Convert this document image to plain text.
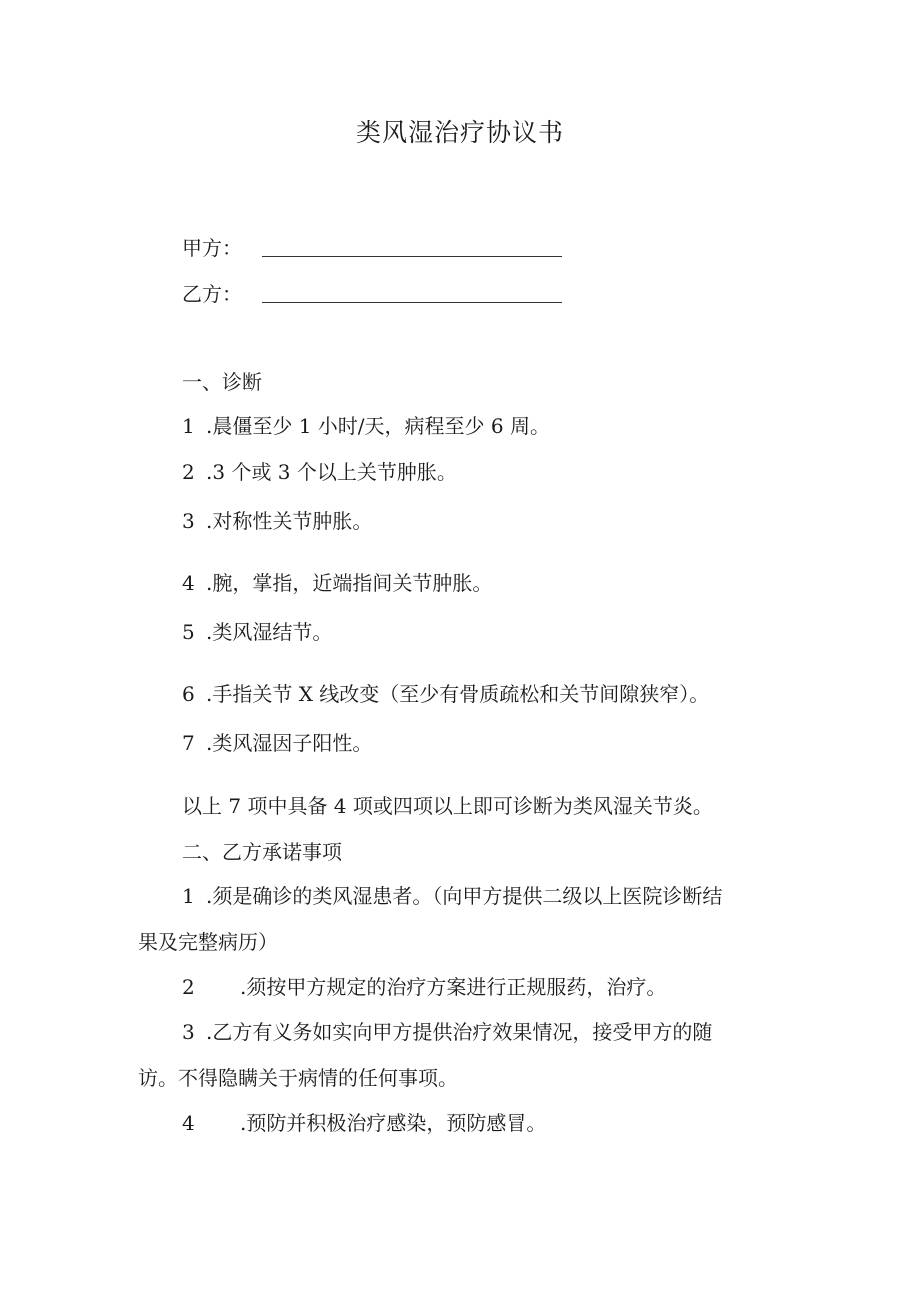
类风湿治疗协议书
甲方：
乙方：
一、诊断
1 .晨僵至少 1 小时/天，病程至少 6 周。
2 .3 个或 3 个以上关节肿胀。
3 .对称性关节肿胀。
4 .腕，掌指，近端指间关节肿胀。
5 .类风湿结节。
6 .手指关节 X 线改变（至少有骨质疏松和关节间隙狭窄）。
7 .类风湿因子阳性。
以上 7 项中具备 4 项或四项以上即可诊断为类风湿关节炎。
二、乙方承诺事项
1 .须是确诊的类风湿患者。（向甲方提供二级以上医院诊断结
果及完整病历）
2 .须按甲方规定的治疗方案进行正规服药，治疗。
3 .乙方有义务如实向甲方提供治疗效果情况，接受甲方的随
访。不得隐瞒关于病情的任何事项。
4 .预防并积极治疗感染，预防感冒。
